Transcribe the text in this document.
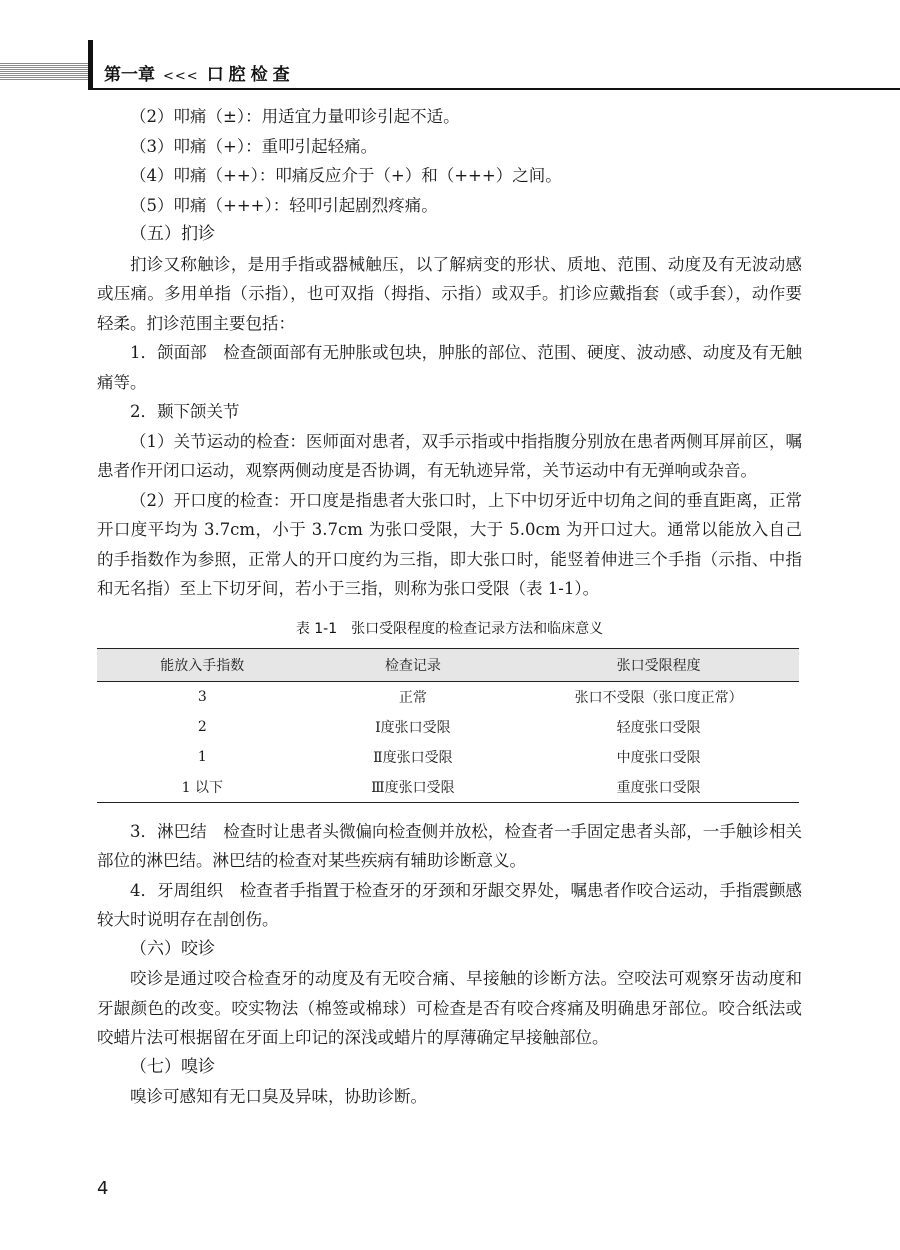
第一章 <<< 口腔检查

（2）叩痛（±）：用适宜力量叩诊引起不适。

（3）叩痛（+）：重叩引起轻痛。

（4）叩痛（++）：叩痛反应介于（+）和（+++）之间。

（5）叩痛（+++）：轻叩引起剧烈疼痛。

（五）扪诊

扪诊又称触诊，是用手指或器械触压，以了解病变的形状、质地、范围、动度及有无波动感或压痛。多用单指（示指），也可双指（拇指、示指）或双手。扪诊应戴指套（或手套），动作要轻柔。扪诊范围主要包括：

1．颌面部　检查颌面部有无肿胀或包块，肿胀的部位、范围、硬度、波动感、动度及有无触痛等。

2．颞下颌关节

（1）关节运动的检查：医师面对患者，双手示指或中指指腹分别放在患者两侧耳屏前区，嘱患者作开闭口运动，观察两侧动度是否协调，有无轨迹异常，关节运动中有无弹响或杂音。

（2）开口度的检查：开口度是指患者大张口时，上下中切牙近中切角之间的垂直距离，正常开口度平均为 3.7cm，小于 3.7cm 为张口受限，大于 5.0cm 为开口过大。通常以能放入自己的手指数作为参照，正常人的开口度约为三指，即大张口时，能竖着伸进三个手指（示指、中指和无名指）至上下切牙间，若小于三指，则称为张口受限（表 1-1）。

表 1-1　张口受限程度的检查记录方法和临床意义
能放入手指数	检查记录	张口受限程度
3	正常	张口不受限（张口度正常）
2	Ⅰ度张口受限	轻度张口受限
1	Ⅱ度张口受限	中度张口受限
1 以下	Ⅲ度张口受限	重度张口受限

3．淋巴结　检查时让患者头微偏向检查侧并放松，检查者一手固定患者头部，一手触诊相关部位的淋巴结。淋巴结的检查对某些疾病有辅助诊断意义。

4．牙周组织　检查者手指置于检查牙的牙颈和牙龈交界处，嘱患者作咬合运动，手指震颤感较大时说明存在㓤创伤。

（六）咬诊

咬诊是通过咬合检查牙的动度及有无咬合痛、早接触的诊断方法。空咬法可观察牙齿动度和牙龈颜色的改变。咬实物法（棉签或棉球）可检查是否有咬合疼痛及明确患牙部位。咬合纸法或咬蜡片法可根据留在牙面上印记的深浅或蜡片的厚薄确定早接触部位。

（七）嗅诊

嗅诊可感知有无口臭及异味，协助诊断。

4
